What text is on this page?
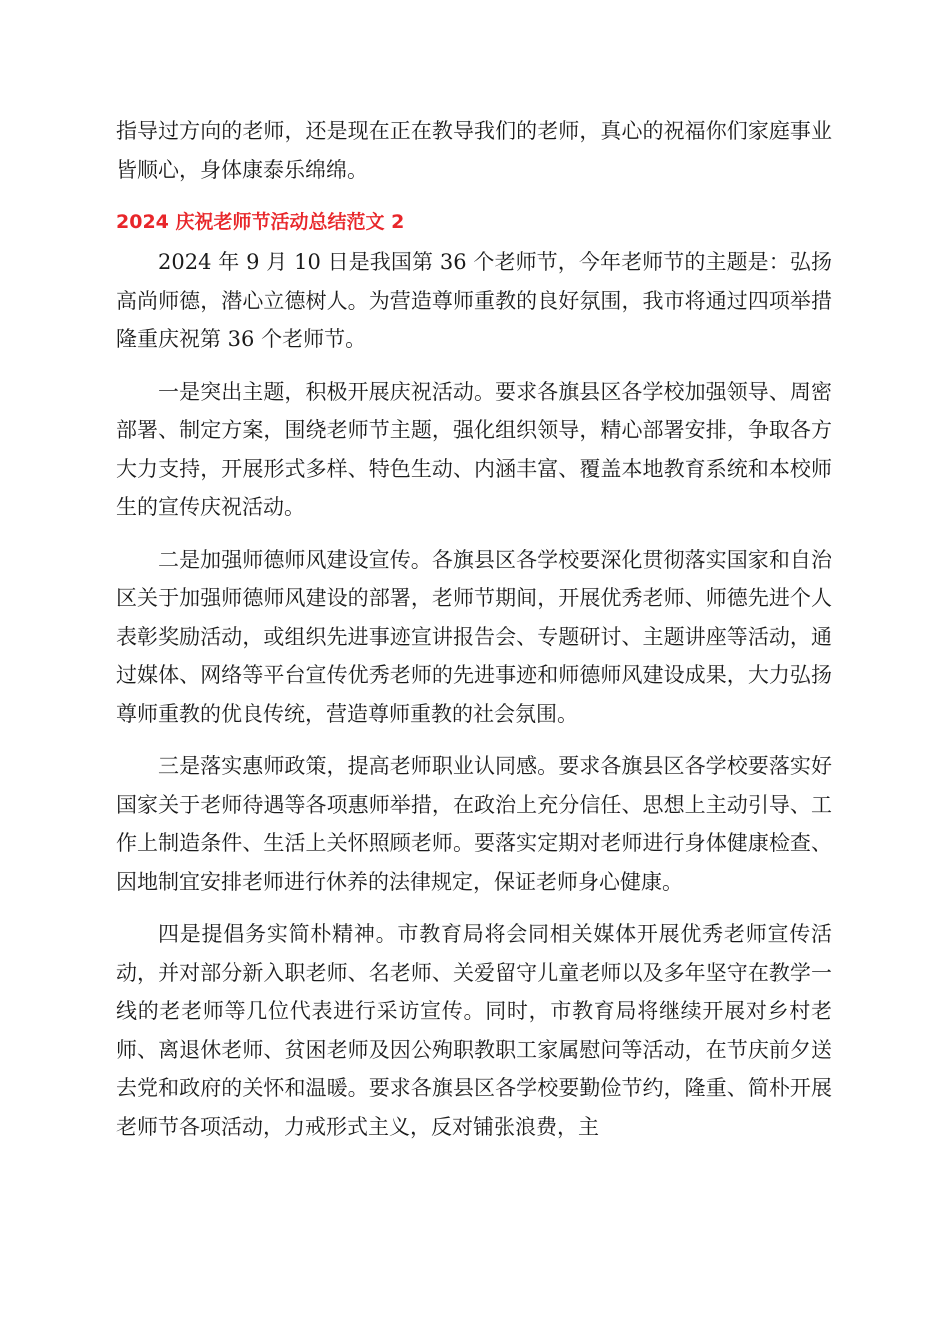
指导过方向的老师，还是现在正在教导我们的老师，真心的祝福你们家庭事业皆顺心，身体康泰乐绵绵。

2024 庆祝老师节活动总结范文 2

2024 年 9 月 10 日是我国第 36 个老师节，今年老师节的主题是：弘扬高尚师德，潜心立德树人。为营造尊师重教的良好氛围，我市将通过四项举措隆重庆祝第 36 个老师节。

一是突出主题，积极开展庆祝活动。要求各旗县区各学校加强领导、周密部署、制定方案，围绕老师节主题，强化组织领导，精心部署安排，争取各方大力支持，开展形式多样、特色生动、内涵丰富、覆盖本地教育系统和本校师生的宣传庆祝活动。

二是加强师德师风建设宣传。各旗县区各学校要深化贯彻落实国家和自治区关于加强师德师风建设的部署，老师节期间，开展优秀老师、师德先进个人表彰奖励活动，或组织先进事迹宣讲报告会、专题研讨、主题讲座等活动，通过媒体、网络等平台宣传优秀老师的先进事迹和师德师风建设成果，大力弘扬尊师重教的优良传统，营造尊师重教的社会氛围。

三是落实惠师政策，提高老师职业认同感。要求各旗县区各学校要落实好国家关于老师待遇等各项惠师举措，在政治上充分信任、思想上主动引导、工作上制造条件、生活上关怀照顾老师。要落实定期对老师进行身体健康检查、因地制宜安排老师进行休养的法律规定，保证老师身心健康。

四是提倡务实简朴精神。市教育局将会同相关媒体开展优秀老师宣传活动，并对部分新入职老师、名老师、关爱留守儿童老师以及多年坚守在教学一线的老老师等几位代表进行采访宣传。同时，市教育局将继续开展对乡村老师、离退休老师、贫困老师及因公殉职教职工家属慰问等活动，在节庆前夕送去党和政府的关怀和温暖。要求各旗县区各学校要勤俭节约，隆重、简朴开展老师节各项活动，力戒形式主义，反对铺张浪费，主
